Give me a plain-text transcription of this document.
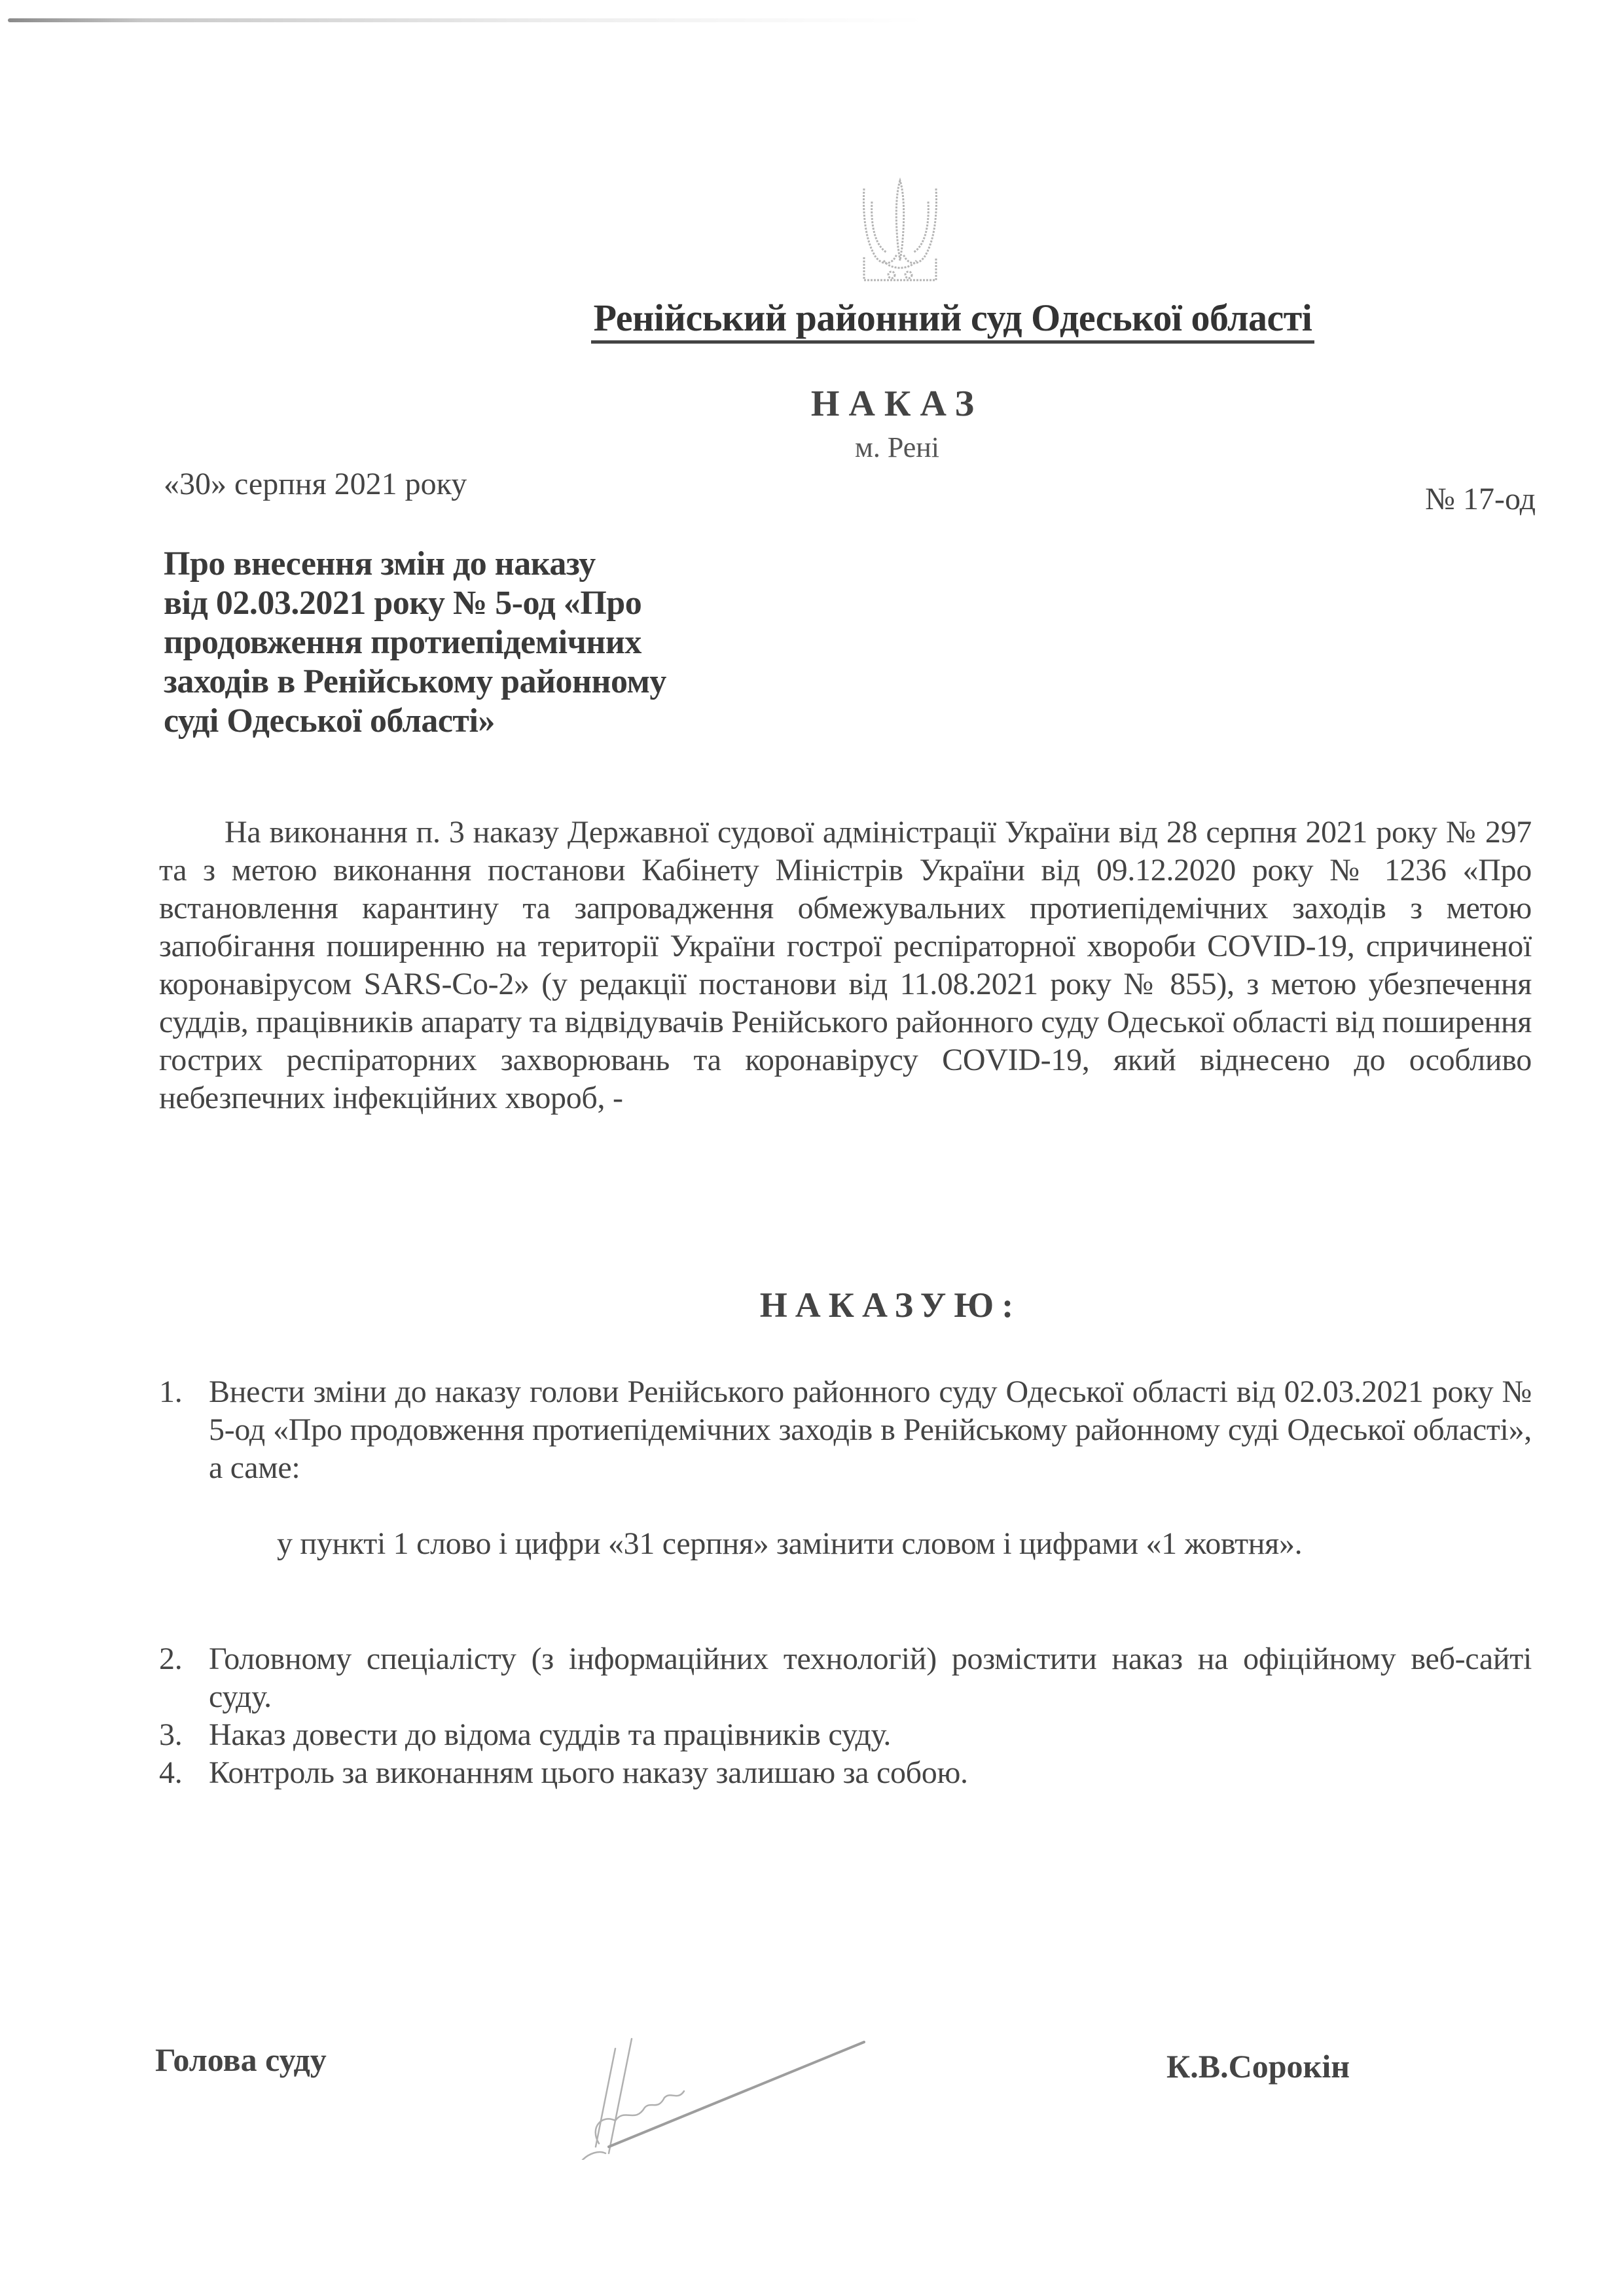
Ренійський районний суд Одеської області
НАКАЗ
м. Рені
«30» серпня 2021 року	№ 17-од
Про внесення змін до наказу
від 02.03.2021 року № 5-од «Про
продовження протиепідемічних
заходів в Ренійському районному
суді Одеської області»
На виконання п. 3 наказу Державної судової адміністрації України від 28 серпня 2021 року № 297 та з метою виконання постанови Кабінету Міністрів України від 09.12.2020 року № 1236 «Про встановлення карантину та запровадження обмежувальних протиепідемічних заходів з метою запобігання поширенню на території України гострої респіраторної хвороби COVID-19, спричиненої коронавірусом SARS-Co-2» (у редакції постанови від 11.08.2021 року № 855), з метою убезпечення суддів, працівників апарату та відвідувачів Ренійського районного суду Одеської області від поширення гострих респіраторних захворювань та коронавірусу COVID-19, який віднесено до особливо небезпечних інфекційних хвороб, -
НАКАЗУЮ:
1. Внести зміни до наказу голови Ренійського районного суду Одеської області від 02.03.2021 року № 5-од «Про продовження протиепідемічних заходів в Ренійському районному суді Одеської області», а саме:
у пункті 1 слово і цифри «31 серпня» замінити словом і цифрами «1 жовтня».
2. Головному спеціалісту (з інформаційних технологій) розмістити наказ на офіційному веб-сайті суду.
3. Наказ довести до відома суддів та працівників суду.
4. Контроль за виконанням цього наказу залишаю за собою.
Голова суду	К.В.Сорокін
